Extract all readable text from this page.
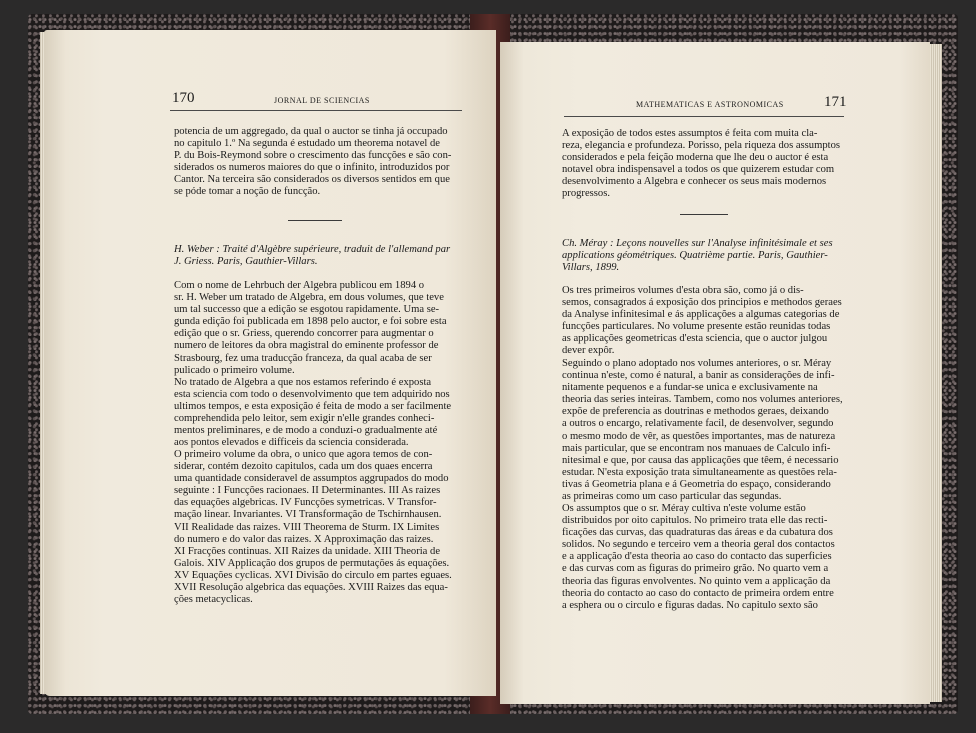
170	JORNAL DE SCIENCIAS
potencia de um aggregado, da qual o auctor se tinha já occupado
no capitulo 1.º Na segunda é estudado um theorema notavel de
P. du Bois-Reymond sobre o crescimento das funcções e são con-
siderados os numeros maiores do que o infinito, introduzidos por
Cantor. Na terceira são considerados os diversos sentidos em que
se póde tomar a noção de funcção.
H. Weber : Traité d'Algèbre supérieure, traduit de l'allemand par
J. Griess. Paris, Gauthier-Villars.
Com o nome de Lehrbuch der Algebra publicou em 1894 o
sr. H. Weber um tratado de Algebra, em dous volumes, que teve
um tal successo que a edição se esgotou rapidamente. Uma se-
gunda edição foi publicada em 1898 pelo auctor, e foi sobre esta
edição que o sr. Griess, querendo concorrer para augmentar o
numero de leitores da obra magistral do eminente professor de
Strasbourg, fez uma traducção franceza, da qual acaba de ser
pulicado o primeiro volume.
No tratado de Algebra a que nos estamos referindo é exposta
esta sciencia com todo o desenvolvimento que tem adquirido nos
ultimos tempos, e esta exposição é feita de modo a ser facilmente
comprehendida pelo leitor, sem exigir n'elle grandes conheci-
mentos preliminares, e de modo a conduzi-o gradualmente até
aos pontos elevados e difficeis da sciencia considerada.
O primeiro volume da obra, o unico que agora temos de con-
siderar, contém dezoito capitulos, cada um dos quaes encerra
uma quantidade consideravel de assumptos aggrupados do modo
seguinte : I Funcções racionaes. II Determinantes. III As raizes
das equações algebricas. IV Funcções symetricas. V Transfor-
mação linear. Invariantes. VI Transformação de Tschirnhausen.
VII Realidade das raizes. VIII Theorema de Sturm. IX Limites
do numero e do valor das raizes. X Approximação das raizes.
XI Fracções continuas. XII Raizes da unidade. XIII Theoria de
Galois. XIV Applicação dos grupos de permutações ás equações.
XV Equações cyclicas. XVI Divisão do circulo em partes eguaes.
XVII Resolução algebrica das equações. XVIII Raizes das equa-
ções metacyclicas.
MATHEMATICAS E ASTRONOMICAS	171
A exposição de todos estes assumptos é feita com muita cla-
reza, elegancia e profundeza. Porisso, pela riqueza dos assumptos
considerados e pela feição moderna que lhe deu o auctor é esta
notavel obra indispensavel a todos os que quizerem estudar com
desenvolvimento a Algebra e conhecer os seus mais modernos
progressos.
Ch. Méray : Leçons nouvelles sur l'Analyse infinitésimale et ses
applications géométriques. Quatrième partie. Paris, Gauthier-
Villars, 1899.
Os tres primeiros volumes d'esta obra são, como já o dis-
semos, consagrados á exposição dos principios e methodos geraes
da Analyse infinitesimal e ás applicações a algumas categorias de
funcções particulares. No volume presente estão reunidas todas
as applicações geometricas d'esta sciencia, que o auctor julgou
dever expôr.
Seguindo o plano adoptado nos volumes anteriores, o sr. Méray
continua n'este, como é natural, a banir as considerações de infi-
nitamente pequenos e a fundar-se unica e exclusivamente na
theoria das series inteiras. Tambem, como nos volumes anteriores,
expõe de preferencia as doutrinas e methodos geraes, deixando
a outros o encargo, relativamente facil, de desenvolver, segundo
o mesmo modo de vêr, as questões importantes, mas de natureza
mais particular, que se encontram nos manuaes de Calculo infi-
nitesimal e que, por causa das applicações que têem, é necessario
estudar. N'esta exposição trata simultaneamente as questões rela-
tivas á Geometria plana e á Geometria do espaço, considerando
as primeiras como um caso particular das segundas.
Os assumptos que o sr. Méray cultiva n'este volume estão
distribuidos por oito capitulos. No primeiro trata elle das recti-
ficações das curvas, das quadraturas das áreas e da cubatura dos
solidos. No segundo e terceiro vem a theoria geral dos contactos
e a applicação d'esta theoria ao caso do contacto das superficies
e das curvas com as figuras do primeiro grão. No quarto vem a
theoria das figuras envolventes. No quinto vem a applicação da
theoria do contacto ao caso do contacto de primeira ordem entre
a esphera ou o circulo e figuras dadas. No capitulo sexto são
